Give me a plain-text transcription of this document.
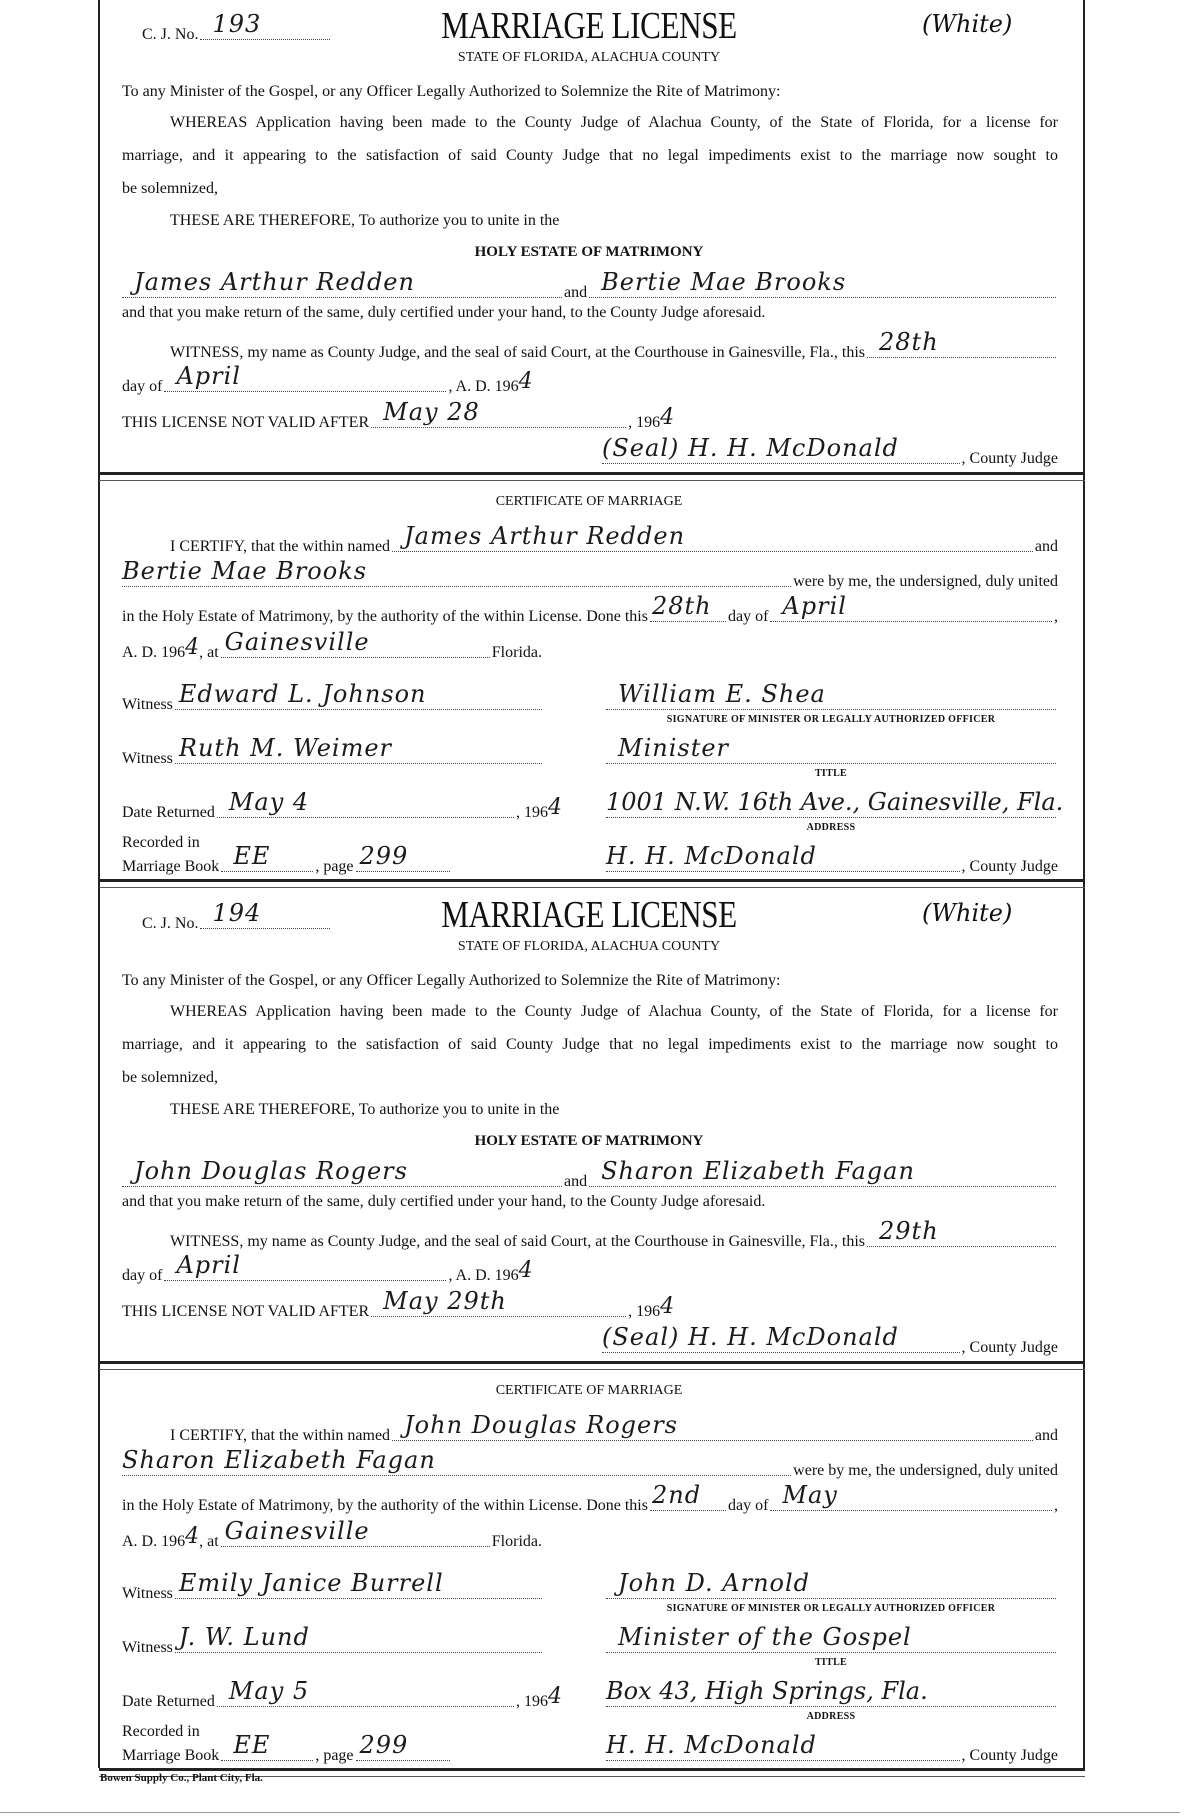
C. J. No. 193	MARRIAGE LICENSE	(White)
STATE OF FLORIDA, ALACHUA COUNTY
To any Minister of the Gospel, or any Officer Legally Authorized to Solemnize the Rite of Matrimony:
WHEREAS Application having been made to the County Judge of Alachua County, of the State of Florida, for a license for
marriage, and it appearing to the satisfaction of said County Judge that no legal impediments exist to the marriage now sought to
be solemnized,
THESE ARE THEREFORE, To authorize you to unite in the
HOLY ESTATE OF MATRIMONY
James Arthur Redden	and Bertie Mae Brooks
and that you make return of the same, duly certified under your hand, to the County Judge aforesaid.
WITNESS, my name as County Judge, and the seal of said Court, at the Courthouse in Gainesville, Fla., this 28th
day of April	, A. D. 196 4
THIS LICENSE NOT VALID AFTER May 28	, 196 4
(Seal) H. H. McDonald	, County Judge
CERTIFICATE OF MARRIAGE
I CERTIFY, that the within named James Arthur Redden	and
Bertie Mae Brooks	were by me, the undersigned, duly united
in the Holy Estate of Matrimony, by the authority of the within License. Done this 28th day of April	,
A. D. 196 4 , at Gainesville	Florida.
Witness Edward L. Johnson	William E. Shea
SIGNATURE OF MINISTER OR LEGALLY AUTHORIZED OFFICER
Witness Ruth M. Weimer	Minister
TITLE
Date Returned May 4	, 196 4 1001 N.W. 16th Ave., Gainesville, Fla.
ADDRESS
Recorded in
Marriage Book EE	, page 299	H. H. McDonald	, County Judge
C. J. No. 194	MARRIAGE LICENSE	(White)
STATE OF FLORIDA, ALACHUA COUNTY
To any Minister of the Gospel, or any Officer Legally Authorized to Solemnize the Rite of Matrimony:
WHEREAS Application having been made to the County Judge of Alachua County, of the State of Florida, for a license for
marriage, and it appearing to the satisfaction of said County Judge that no legal impediments exist to the marriage now sought to
be solemnized,
THESE ARE THEREFORE, To authorize you to unite in the
HOLY ESTATE OF MATRIMONY
John Douglas Rogers	and Sharon Elizabeth Fagan
and that you make return of the same, duly certified under your hand, to the County Judge aforesaid.
WITNESS, my name as County Judge, and the seal of said Court, at the Courthouse in Gainesville, Fla., this 29th
day of April	, A. D. 196 4
THIS LICENSE NOT VALID AFTER May 29th	, 196 4
(Seal) H. H. McDonald	, County Judge
CERTIFICATE OF MARRIAGE
I CERTIFY, that the within named John Douglas Rogers	and
Sharon Elizabeth Fagan	were by me, the undersigned, duly united
in the Holy Estate of Matrimony, by the authority of the within License. Done this 2nd day of May	,
A. D. 196 4 , at Gainesville	Florida.
Witness Emily Janice Burrell	John D. Arnold
SIGNATURE OF MINISTER OR LEGALLY AUTHORIZED OFFICER
Witness J. W. Lund	Minister of the Gospel
TITLE
Date Returned May 5	, 196 4 Box 43, High Springs, Fla.
ADDRESS
Recorded in
Marriage Book EE	, page 299	H. H. McDonald	, County Judge
Bowen Supply Co., Plant City, Fla.
